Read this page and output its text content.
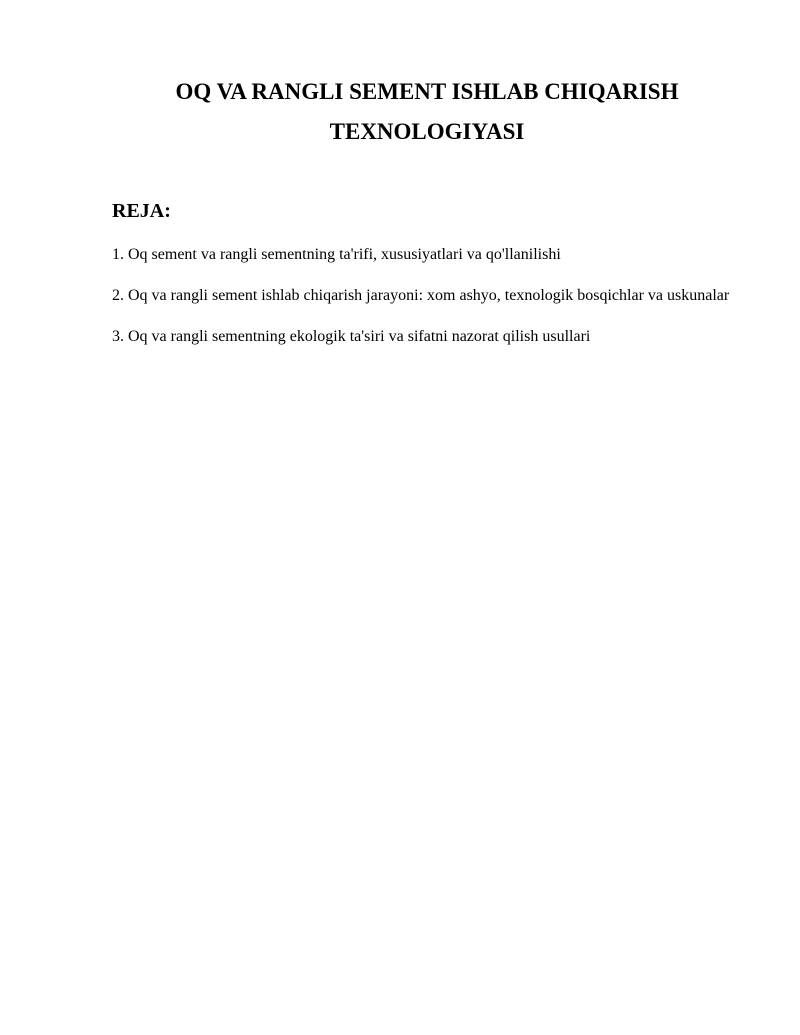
OQ VA RANGLI SEMENT ISHLAB CHIQARISH
TEXNOLOGIYASI
REJA:
1. Oq sement va rangli sementning ta'rifi, xususiyatlari va qo'llanilishi
2. Oq va rangli sement ishlab chiqarish jarayoni: xom ashyo, texnologik bosqichlar va uskunalar
3. Oq va rangli sementning ekologik ta'siri va sifatni nazorat qilish usullari
